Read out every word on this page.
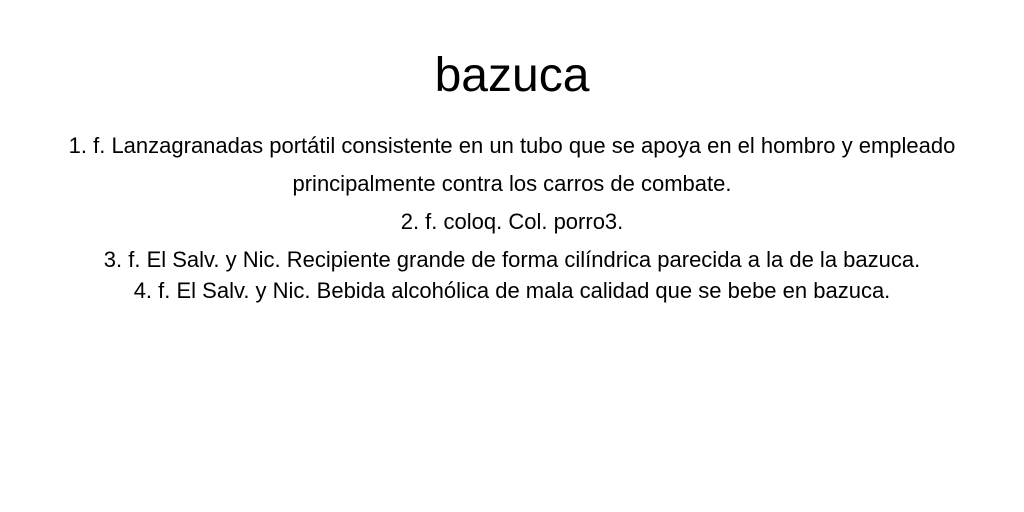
bazuca
1. f. Lanzagranadas portátil consistente en un tubo que se apoya en el hombro y empleado principalmente contra los carros de combate.
2. f. coloq. Col. porro3.
3. f. El Salv. y Nic. Recipiente grande de forma cilíndrica parecida a la de la bazuca.
4. f. El Salv. y Nic. Bebida alcohólica de mala calidad que se bebe en bazuca.
